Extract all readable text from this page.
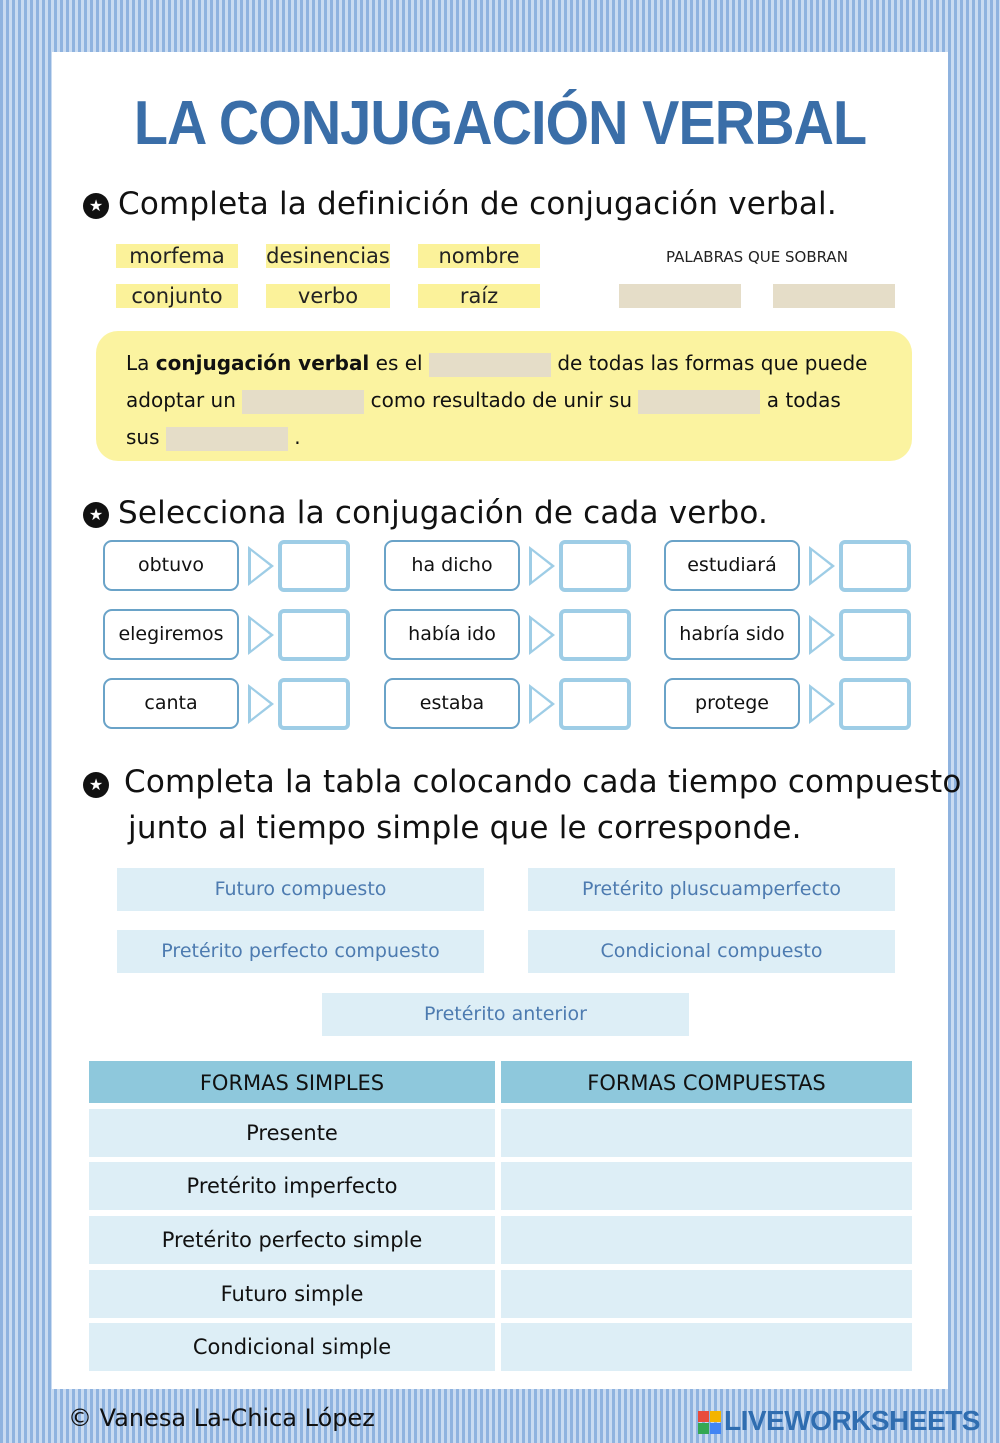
LA CONJUGACIÓN VERBAL
★ Completa la definición de conjugación verbal.
morfema	desinencias	nombre
conjunto	verbo	raíz
PALABRAS QUE SOBRAN
La conjugación verbal es el	de todas las formas que puede
adoptar un	como resultado de unir su	a todas
sus	.
★ Selecciona la conjugación de cada verbo.
obtuvo	ha dicho	estudiará
elegiremos	había ido	habría sido
canta	estaba	protege
★ Completa la tabla colocando cada tiempo compuesto
junto al tiempo simple que le corresponde.
Futuro compuesto	Pretérito pluscuamperfecto
Pretérito perfecto compuesto	Condicional compuesto
Pretérito anterior
FORMAS SIMPLES	FORMAS COMPUESTAS
Presente
Pretérito imperfecto
Pretérito perfecto simple
Futuro simple
Condicional simple
© Vanesa La-Chica López	LIVEWORKSHEETS
